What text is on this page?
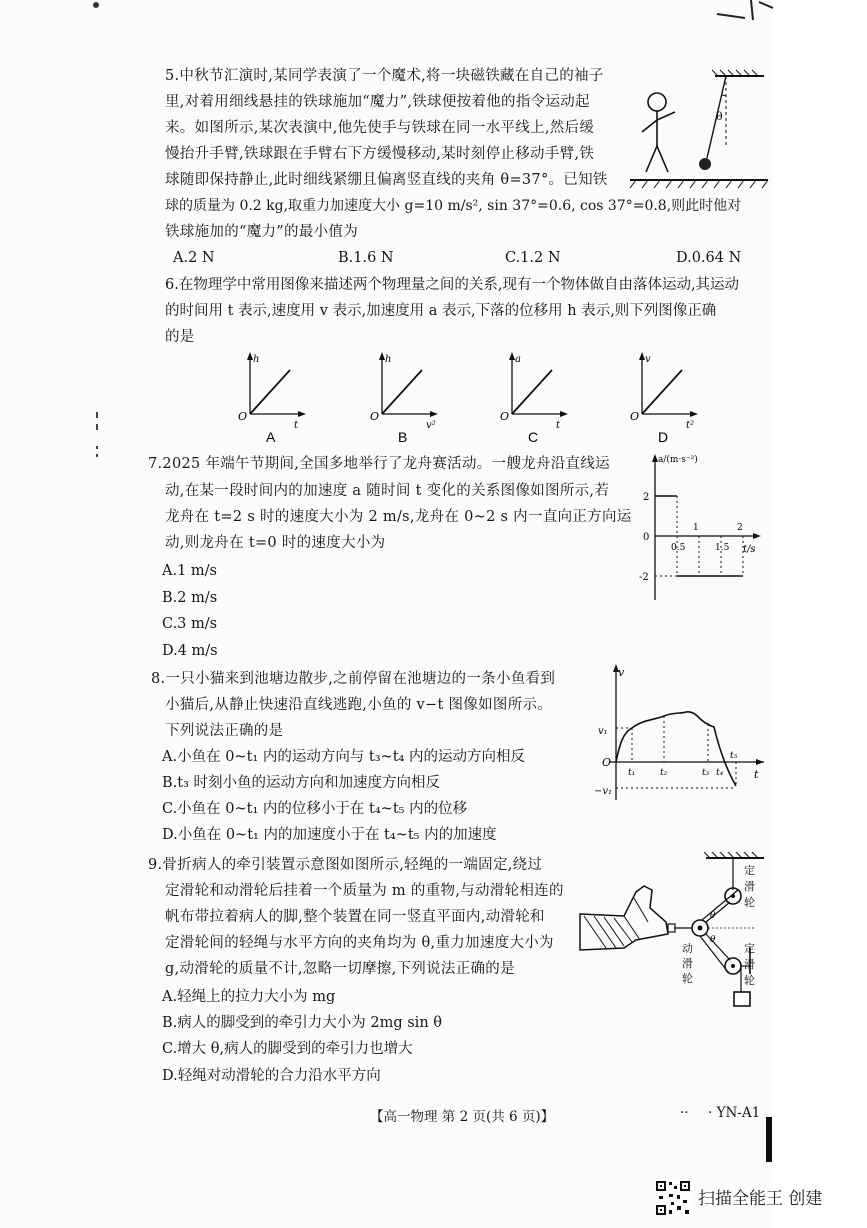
5.中秋节汇演时,某同学表演了一个魔术,将一块磁铁藏在自己的袖子
里,对着用细线悬挂的铁球施加“魔力”,铁球便按着他的指令运动起
来。如图所示,某次表演中,他先使手与铁球在同一水平线上,然后缓
慢抬升手臂,铁球跟在手臂右下方缓慢移动,某时刻停止移动手臂,铁
球随即保持静止,此时细线紧绷且偏离竖直线的夹角 θ=37°。已知铁
球的质量为 0.2 kg,取重力加速度大小 g=10 m/s², sin 37°=0.6, cos 37°=0.8,则此时他对
铁球施加的“魔力”的最小值为
A.2 N	B.1.6 N	C.1.2 N	D.0.64 N
θ
6.在物理学中常用图像来描述两个物理量之间的关系,现有一个物体做自由落体运动,其运动
的时间用 t 表示,速度用 v 表示,加速度用 a 表示,下落的位移用 h 表示,则下列图像正确
的是
h
t
O
A
h
v²
O
B
a
t
O
C
v
t²
O
D
7.2025 年端午节期间,全国多地举行了龙舟赛活动。一艘龙舟沿直线运
动,在某一段时间内的加速度 a 随时间 t 变化的关系图像如图所示,若
龙舟在 t=2 s 时的速度大小为 2 m/s,龙舟在 0~2 s 内一直向正方向运
动,则龙舟在 t=0 时的速度大小为
A.1 m/s
B.2 m/s
C.3 m/s
D.4 m/s
a/(m·s⁻²)
t/s
2
0
-2
0.5
1
1.5
2
8.一只小猫来到池塘边散步,之前停留在池塘边的一条小鱼看到
小猫后,从静止快速沿直线逃跑,小鱼的 v−t 图像如图所示。
下列说法正确的是
A.小鱼在 0~t₁ 内的运动方向与 t₃~t₄ 内的运动方向相反
B.t₃ 时刻小鱼的运动方向和加速度方向相反
C.小鱼在 0~t₁ 内的位移小于在 t₄~t₅ 内的位移
D.小鱼在 0~t₁ 内的加速度小于在 t₄~t₅ 内的加速度
v
t
v₁
O
−v₁
t₁	t₂	t₃ t₄
t₅
9.骨折病人的牵引装置示意图如图所示,轻绳的一端固定,绕过
定滑轮和动滑轮后挂着一个质量为 m 的重物,与动滑轮相连的
帆布带拉着病人的脚,整个装置在同一竖直平面内,动滑轮和
定滑轮间的轻绳与水平方向的夹角均为 θ,重力加速度大小为
g,动滑轮的质量不计,忽略一切摩擦,下列说法正确的是
A.轻绳上的拉力大小为 mg
B.病人的脚受到的牵引力大小为 2mg sin θ
C.增大 θ,病人的脚受到的牵引力也增大
D.轻绳对动滑轮的合力沿水平方向
θ
θ
定
滑
轮
动
滑
轮
定
滑
轮
【高一物理 第 2 页(共 6 页)】	·· · YN-A1
扫描全能王 创建
